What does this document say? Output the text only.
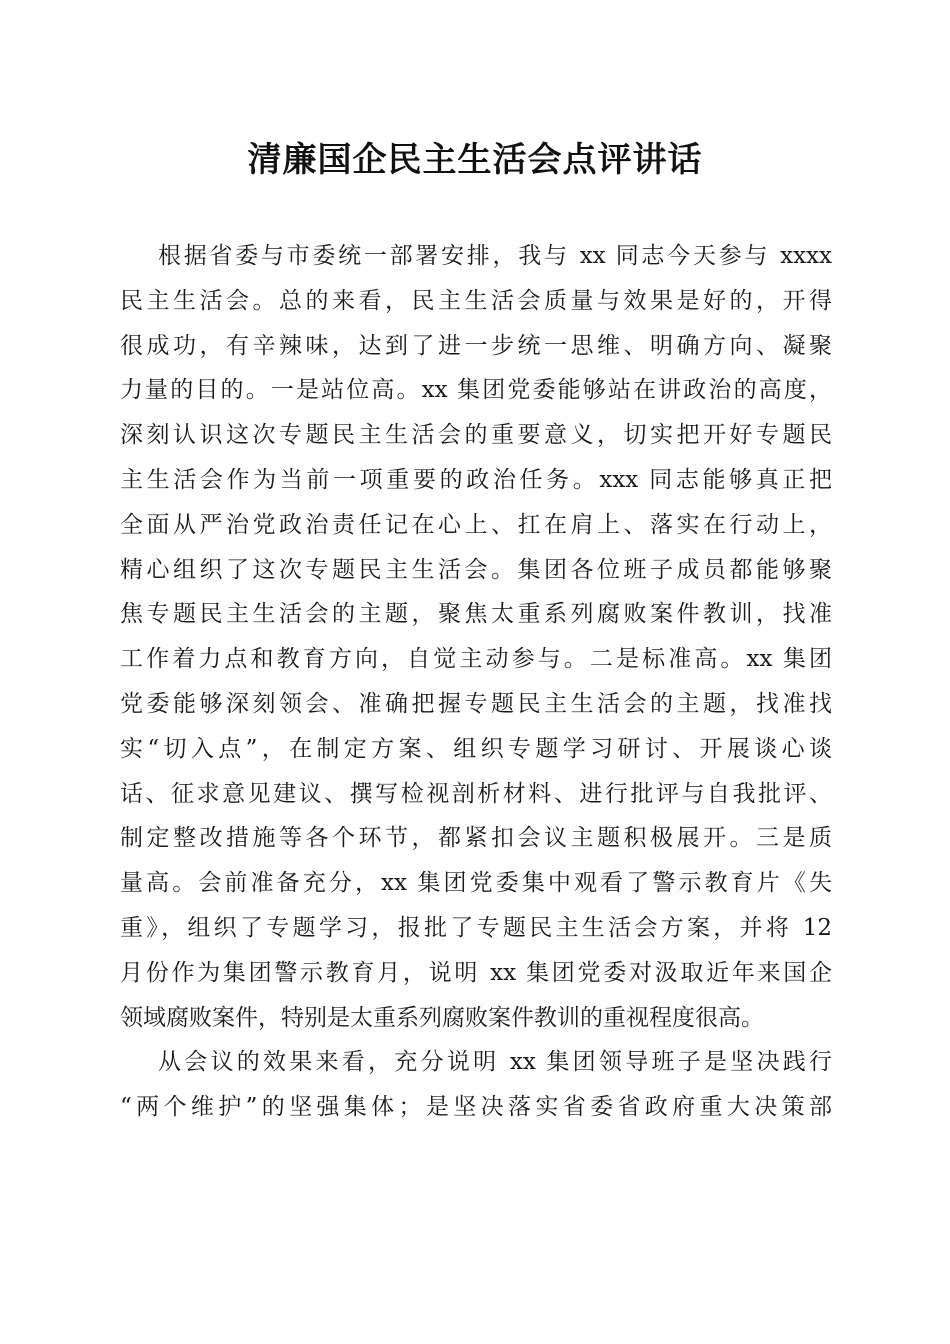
清廉国企民主生活会点评讲话
根据省委与市委统一部署安排，我与 xx 同志今天参与 xxxx
民主生活会。总的来看，民主生活会质量与效果是好的，开得
很成功，有辛辣味，达到了进一步统一思维、明确方向、凝聚
力量的目的。一是站位高。xx 集团党委能够站在讲政治的高度，
深刻认识这次专题民主生活会的重要意义，切实把开好专题民
主生活会作为当前一项重要的政治任务。xxx 同志能够真正把
全面从严治党政治责任记在心上、扛在肩上、落实在行动上，
精心组织了这次专题民主生活会。集团各位班子成员都能够聚
焦专题民主生活会的主题，聚焦太重系列腐败案件教训，找准
工作着力点和教育方向，自觉主动参与。二是标准高。xx 集团
党委能够深刻领会、准确把握专题民主生活会的主题，找准找
实“切入点”，在制定方案、组织专题学习研讨、开展谈心谈
话、征求意见建议、撰写检视剖析材料、进行批评与自我批评、
制定整改措施等各个环节，都紧扣会议主题积极展开。三是质
量高。会前准备充分，xx 集团党委集中观看了警示教育片《失
重》，组织了专题学习，报批了专题民主生活会方案，并将 12
月份作为集团警示教育月，说明 xx 集团党委对汲取近年来国企
领域腐败案件，特别是太重系列腐败案件教训的重视程度很高。
从会议的效果来看，充分说明 xx 集团领导班子是坚决践行
“两个维护”的坚强集体；是坚决落实省委省政府重大决策部
